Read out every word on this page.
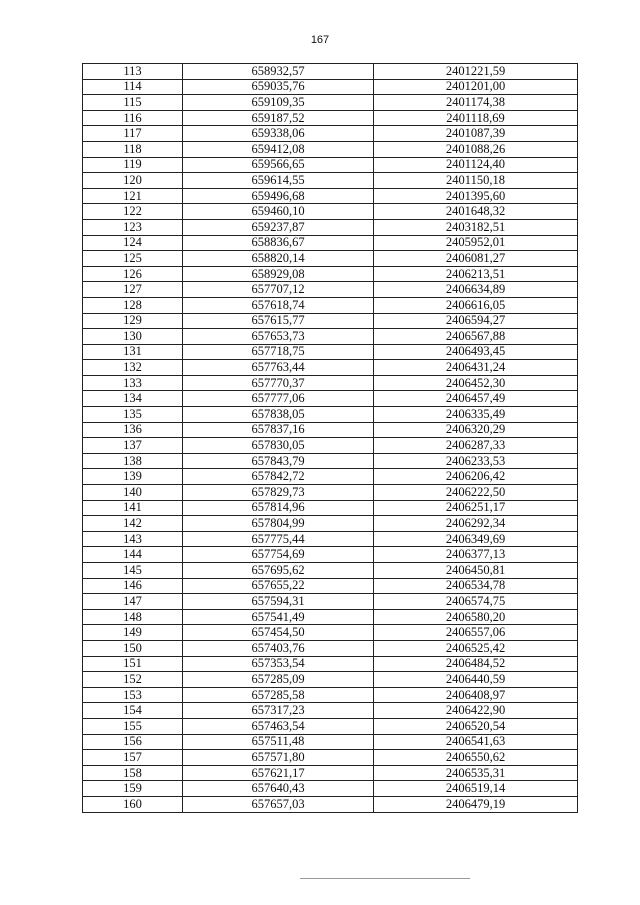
167
113	658932,57	2401221,59
114	659035,76	2401201,00
115	659109,35	2401174,38
116	659187,52	2401118,69
117	659338,06	2401087,39
118	659412,08	2401088,26
119	659566,65	2401124,40
120	659614,55	2401150,18
121	659496,68	2401395,60
122	659460,10	2401648,32
123	659237,87	2403182,51
124	658836,67	2405952,01
125	658820,14	2406081,27
126	658929,08	2406213,51
127	657707,12	2406634,89
128	657618,74	2406616,05
129	657615,77	2406594,27
130	657653,73	2406567,88
131	657718,75	2406493,45
132	657763,44	2406431,24
133	657770,37	2406452,30
134	657777,06	2406457,49
135	657838,05	2406335,49
136	657837,16	2406320,29
137	657830,05	2406287,33
138	657843,79	2406233,53
139	657842,72	2406206,42
140	657829,73	2406222,50
141	657814,96	2406251,17
142	657804,99	2406292,34
143	657775,44	2406349,69
144	657754,69	2406377,13
145	657695,62	2406450,81
146	657655,22	2406534,78
147	657594,31	2406574,75
148	657541,49	2406580,20
149	657454,50	2406557,06
150	657403,76	2406525,42
151	657353,54	2406484,52
152	657285,09	2406440,59
153	657285,58	2406408,97
154	657317,23	2406422,90
155	657463,54	2406520,54
156	657511,48	2406541,63
157	657571,80	2406550,62
158	657621,17	2406535,31
159	657640,43	2406519,14
160	657657,03	2406479,19
